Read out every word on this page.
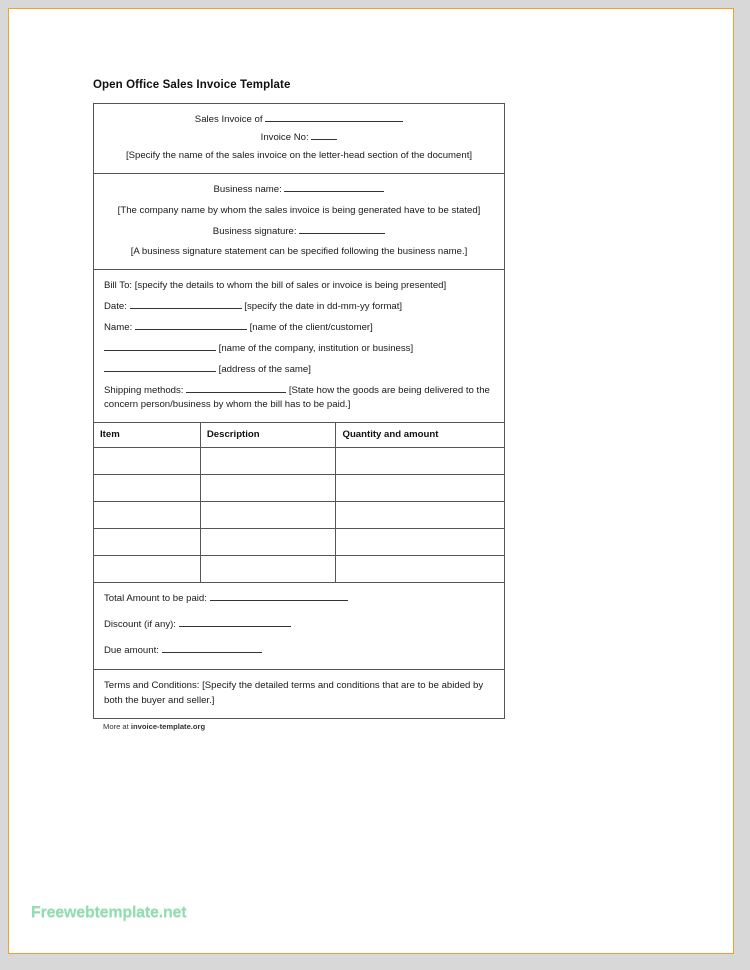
Open Office Sales Invoice Template
Sales Invoice of
Invoice No:
[Specify the name of the sales invoice on the letter-head section of the document]
Business name:
[The company name by whom the sales invoice is being generated have to be stated]
Business signature:
[A business signature statement can be specified following the business name.]
Bill To: [specify the details to whom the bill of sales or invoice is being presented]
Date:	[specify the date in dd-mm-yy format]
Name:	[name of the client/customer]
[name of the company, institution or business]
[address of the same]
Shipping methods:	[State how the goods are being delivered to the concern person/business by whom the bill has to be paid.]
Item	Description	Quantity and amount

Total Amount to be paid:
Discount (if any):
Due amount:
Terms and Conditions: [Specify the detailed terms and conditions that are to be abided by both the buyer and seller.]
More at invoice-template.org
Freewebtemplate.net
